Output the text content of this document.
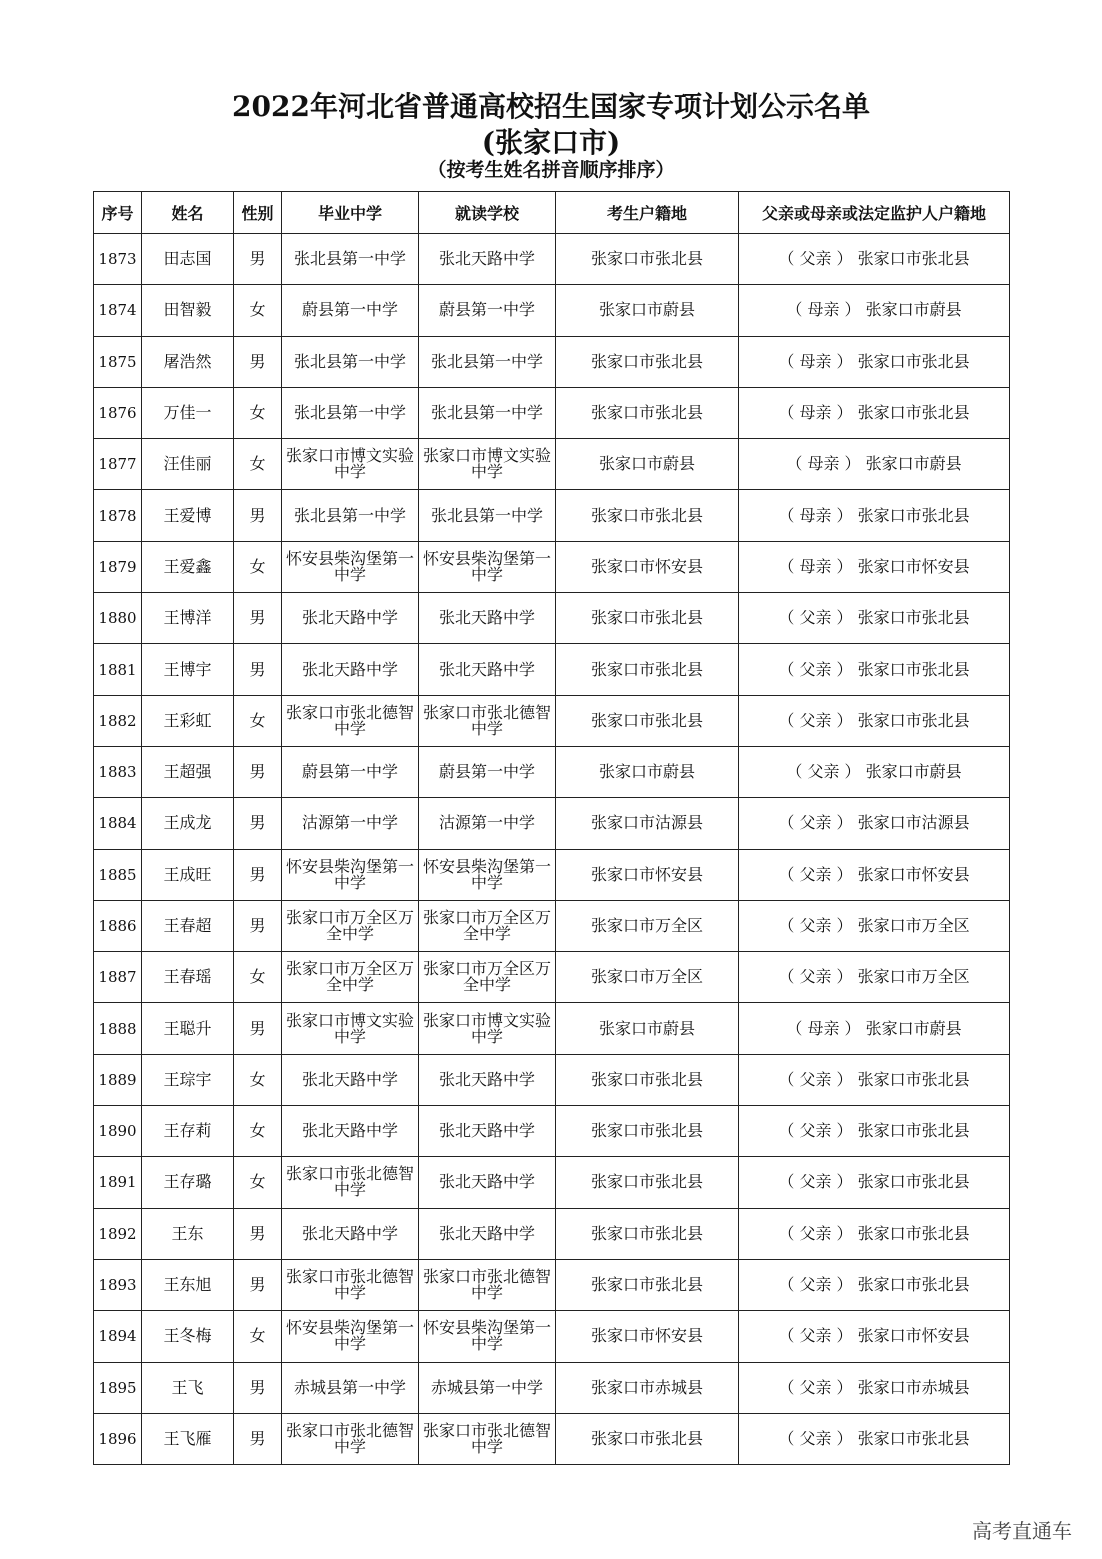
2022年河北省普通高校招生国家专项计划公示名单
(张家口市)
（按考生姓名拼音顺序排序）
序号	姓名	性别	毕业中学	就读学校	考生户籍地	父亲或母亲或法定监护人户籍地
1873	田志国	男	张北县第一中学	张北天路中学	张家口市张北县	（ 父亲 ） 张家口市张北县
1874	田智毅	女	蔚县第一中学	蔚县第一中学	张家口市蔚县	（ 母亲 ） 张家口市蔚县
1875	屠浩然	男	张北县第一中学	张北县第一中学	张家口市张北县	（ 母亲 ） 张家口市张北县
1876	万佳一	女	张北县第一中学	张北县第一中学	张家口市张北县	（ 母亲 ） 张家口市张北县
1877	汪佳丽	女	张家口市博文实验中学	张家口市博文实验中学	张家口市蔚县	（ 母亲 ） 张家口市蔚县
1878	王爱博	男	张北县第一中学	张北县第一中学	张家口市张北县	（ 母亲 ） 张家口市张北县
1879	王爱鑫	女	怀安县柴沟堡第一中学	怀安县柴沟堡第一中学	张家口市怀安县	（ 母亲 ） 张家口市怀安县
1880	王博洋	男	张北天路中学	张北天路中学	张家口市张北县	（ 父亲 ） 张家口市张北县
1881	王博宇	男	张北天路中学	张北天路中学	张家口市张北县	（ 父亲 ） 张家口市张北县
1882	王彩虹	女	张家口市张北德智中学	张家口市张北德智中学	张家口市张北县	（ 父亲 ） 张家口市张北县
1883	王超强	男	蔚县第一中学	蔚县第一中学	张家口市蔚县	（ 父亲 ） 张家口市蔚县
1884	王成龙	男	沽源第一中学	沽源第一中学	张家口市沽源县	（ 父亲 ） 张家口市沽源县
1885	王成旺	男	怀安县柴沟堡第一中学	怀安县柴沟堡第一中学	张家口市怀安县	（ 父亲 ） 张家口市怀安县
1886	王春超	男	张家口市万全区万全中学	张家口市万全区万全中学	张家口市万全区	（ 父亲 ） 张家口市万全区
1887	王春瑶	女	张家口市万全区万全中学	张家口市万全区万全中学	张家口市万全区	（ 父亲 ） 张家口市万全区
1888	王聪升	男	张家口市博文实验中学	张家口市博文实验中学	张家口市蔚县	（ 母亲 ） 张家口市蔚县
1889	王琮宇	女	张北天路中学	张北天路中学	张家口市张北县	（ 父亲 ） 张家口市张北县
1890	王存莉	女	张北天路中学	张北天路中学	张家口市张北县	（ 父亲 ） 张家口市张北县
1891	王存璐	女	张家口市张北德智中学	张北天路中学	张家口市张北县	（ 父亲 ） 张家口市张北县
1892	王东	男	张北天路中学	张北天路中学	张家口市张北县	（ 父亲 ） 张家口市张北县
1893	王东旭	男	张家口市张北德智中学	张家口市张北德智中学	张家口市张北县	（ 父亲 ） 张家口市张北县
1894	王冬梅	女	怀安县柴沟堡第一中学	怀安县柴沟堡第一中学	张家口市怀安县	（ 父亲 ） 张家口市怀安县
1895	王飞	男	赤城县第一中学	赤城县第一中学	张家口市赤城县	（ 父亲 ） 张家口市赤城县
1896	王飞雁	男	张家口市张北德智中学	张家口市张北德智中学	张家口市张北县	（ 父亲 ） 张家口市张北县
高考直通车
